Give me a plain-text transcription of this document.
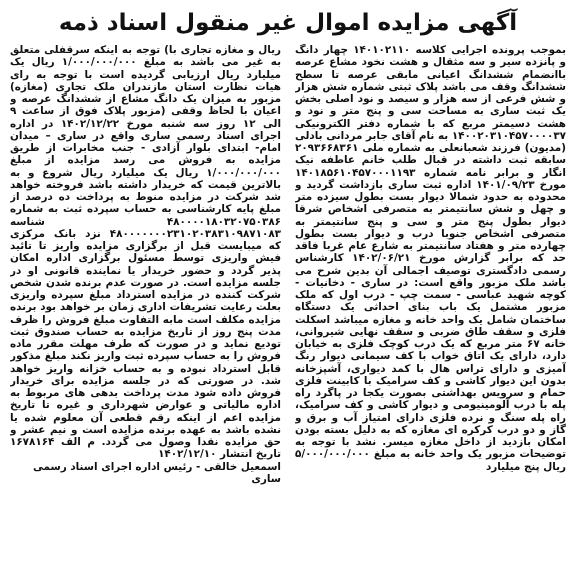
آگهی مزایده اموال غیر منقول اسناد ذمه

بموجب پرونده اجرایی کلاسه ۱۴۰۱۰۲۱۱۰ چهار دانگ و پانزده سیر و سه مثقال و هشت نخود مشاع عرصه باانضمام ششدانگ اعیانی مابقی عرصه تا سطح ششدانگ وقف می باشد پلاک ثبتی شماره شش هزار و شش فرعی از سه هزار و سیصد و نود اصلی بخش یک ثبت ساری به مساحت سی و پنج متر و نود و هشت دسیمتر مربع که با شماره دفتر الکترونیکی ۱۴۰۰۲۰۳۱۰۴۵۷۰۰۰۰۳۷ به نام آقای جابر مردانی بادلی (مدیون) فرزند شعبانعلی به شماره ملی ۲۰۹۳۶۶۸۳۶۱ سابقه ثبت داشته در قبال طلب خانم عاطفه نیک انگار و برابر نامه شماره ۱۴۰۱۸۵۶۱۰۴۵۷۰۰۰۱۱۹۳ مورخ ۱۴۰۱/۰۹/۲۳ اداره ثبت ساری بازداشت گردید و محدوده به حدود شمالا دیوار بست بطول سیزده متر و چهل و شش سانتیمتر به متصرفی اشخاص شرقا دیوار بطول پنج متر و سی و پنج سانتیمتر به متصرفی اشخاص جنوبا درب و دیوار بست بطول چهارده متر و هفتاد سانتیمتر به شارع عام غربا فاقد حد که برابر گزارش مورخ ۱۴۰۲/۰۶/۲۱ کارشناس رسمی دادگستری توصیف اجمالی آن بدین شرح می باشد ملک مزبور واقع است: در ساری - دخانیات - کوچه شهید عباسی - سمت چپ - درب اول که ملک مزبور مشتمل یک باب بنای احداثی یک دستگاه ساختمان شامل یک واحد خانه و مغازه میباشد اسکلت فلزی و سقف طاق ضربی و سقف نهایی شیروانی، خانه ۶۷ متر مربع که یک درب کوچک فلزی به خیابان دارد، دارای یک اتاق خواب با کف سیمانی دیوار رنگ آمیزی و دارای تراس هال با کمد دیواری، آشپزخانه بدون این دیوار کاشی و کف سرامیک با کابینت فلزی حمام و سرویس بهداشتی بصورت یکجا در پاگرد راه پله با درب آلومینیومی و دیوار کاشی و کف سرامیک، راه پله سنگ و نرده فلزی دارای امتیاز آب و برق و گاز و دو درب کرکره ای مغازه که به دلیل بسته بودن امکان بازدید از داخل مغازه میسر. نشد با توجه به توضیحات مزبور یک واحد خانه به مبلغ ۵/۰۰۰/۰۰۰/۰۰۰ ریال پنج میلیارد

ریال و مغازه تجاری با) توجه به اینکه سرقفلی متعلق به غیر می باشد به مبلغ ۱/۰۰۰/۰۰۰/۰۰۰ ریال یک میلیارد ریال ارزیابی گردیده است با توجه به رای هیات نظارت استان مازندران ملک تجاری (مغازه) مزبور به میزان یک دانگ مشاع از ششدانگ عرصه و اعیان با لحاظ وقفی (مزبور پلاک فوق از ساعت ۹ الی ۱۲ روز سه شنبه مورخ ۱۴۰۲/۱۲/۲۲ در اداره اجرای اسناد رسمی ساری واقع در ساری – میدان امام- ابتدای بلوار آزادی - جنب مخابرات از طریق مزایده به فروش می رسد مزایده از مبلغ ۱/۰۰۰/۰۰۰/۰۰۰ ریال یک میلیارد ریال شروع و به بالاترین قیمت که خریدار داشته باشد فروخته خواهد شد شرکت در مزایده منوط به پرداخت ده درصد از مبلغ پایه کارشناسی به حساب سپرده ثبت به شماره ۴۸۰۰۰۰۱۸۰۳۲۰۷۵۰۳۸۶ شناسه ۴۸۰۰۰۰۰۰۰۲۳۱۰۲۰۳۸۳۱۰۹۸۷۱۰۸۳ نزد بانک مرکزی که میبایست قبل از برگزاری مزایده واریز تا تائید فیش واریزی توسط مسئول برگزاری اداره امکان پذیر گردد و حضور خریدار یا نماینده قانونی او در جلسه مزایده است. در صورت عدم برنده شدن شخص شرکت کننده در مزایده استرداد مبلغ سپرده واریزی بعلت رعایت تشریفات اداری زمان بر خواهد بود برنده مزایده مکلف است مابه التفاوت مبلغ فروش را ظرف مدت پنج روز از تاریخ مزایده به حساب صندوق ثبت تودیع نماید و در صورت که طرف مهلت مقرر ماده فروش را به حساب سپرده ثبت واریز نکند مبلغ مذکور قابل استرداد نبوده و به حساب خزانه واریز خواهد شد. در صورتی که در جلسه مزایده برای خریدار فروش داده شود مدت پرداخت بدهی های مربوط به اداره مالیاتی و عوارض شهرداری و غیره تا تاریخ مزایده اعم از اینکه رقم قطعی آن معلوم شده یا نشده باشد به عهده برنده مزایده است و نیم عشر و حق مزایده نقدا وصول می گردد. م الف ۱۶۷۸۱۶۴ تاریخ انتشار ۱۴۰۲/۱۲/۱۰

اسمعیل خالقی - رئیس اداره اجرای اسناد رسمی ساری
